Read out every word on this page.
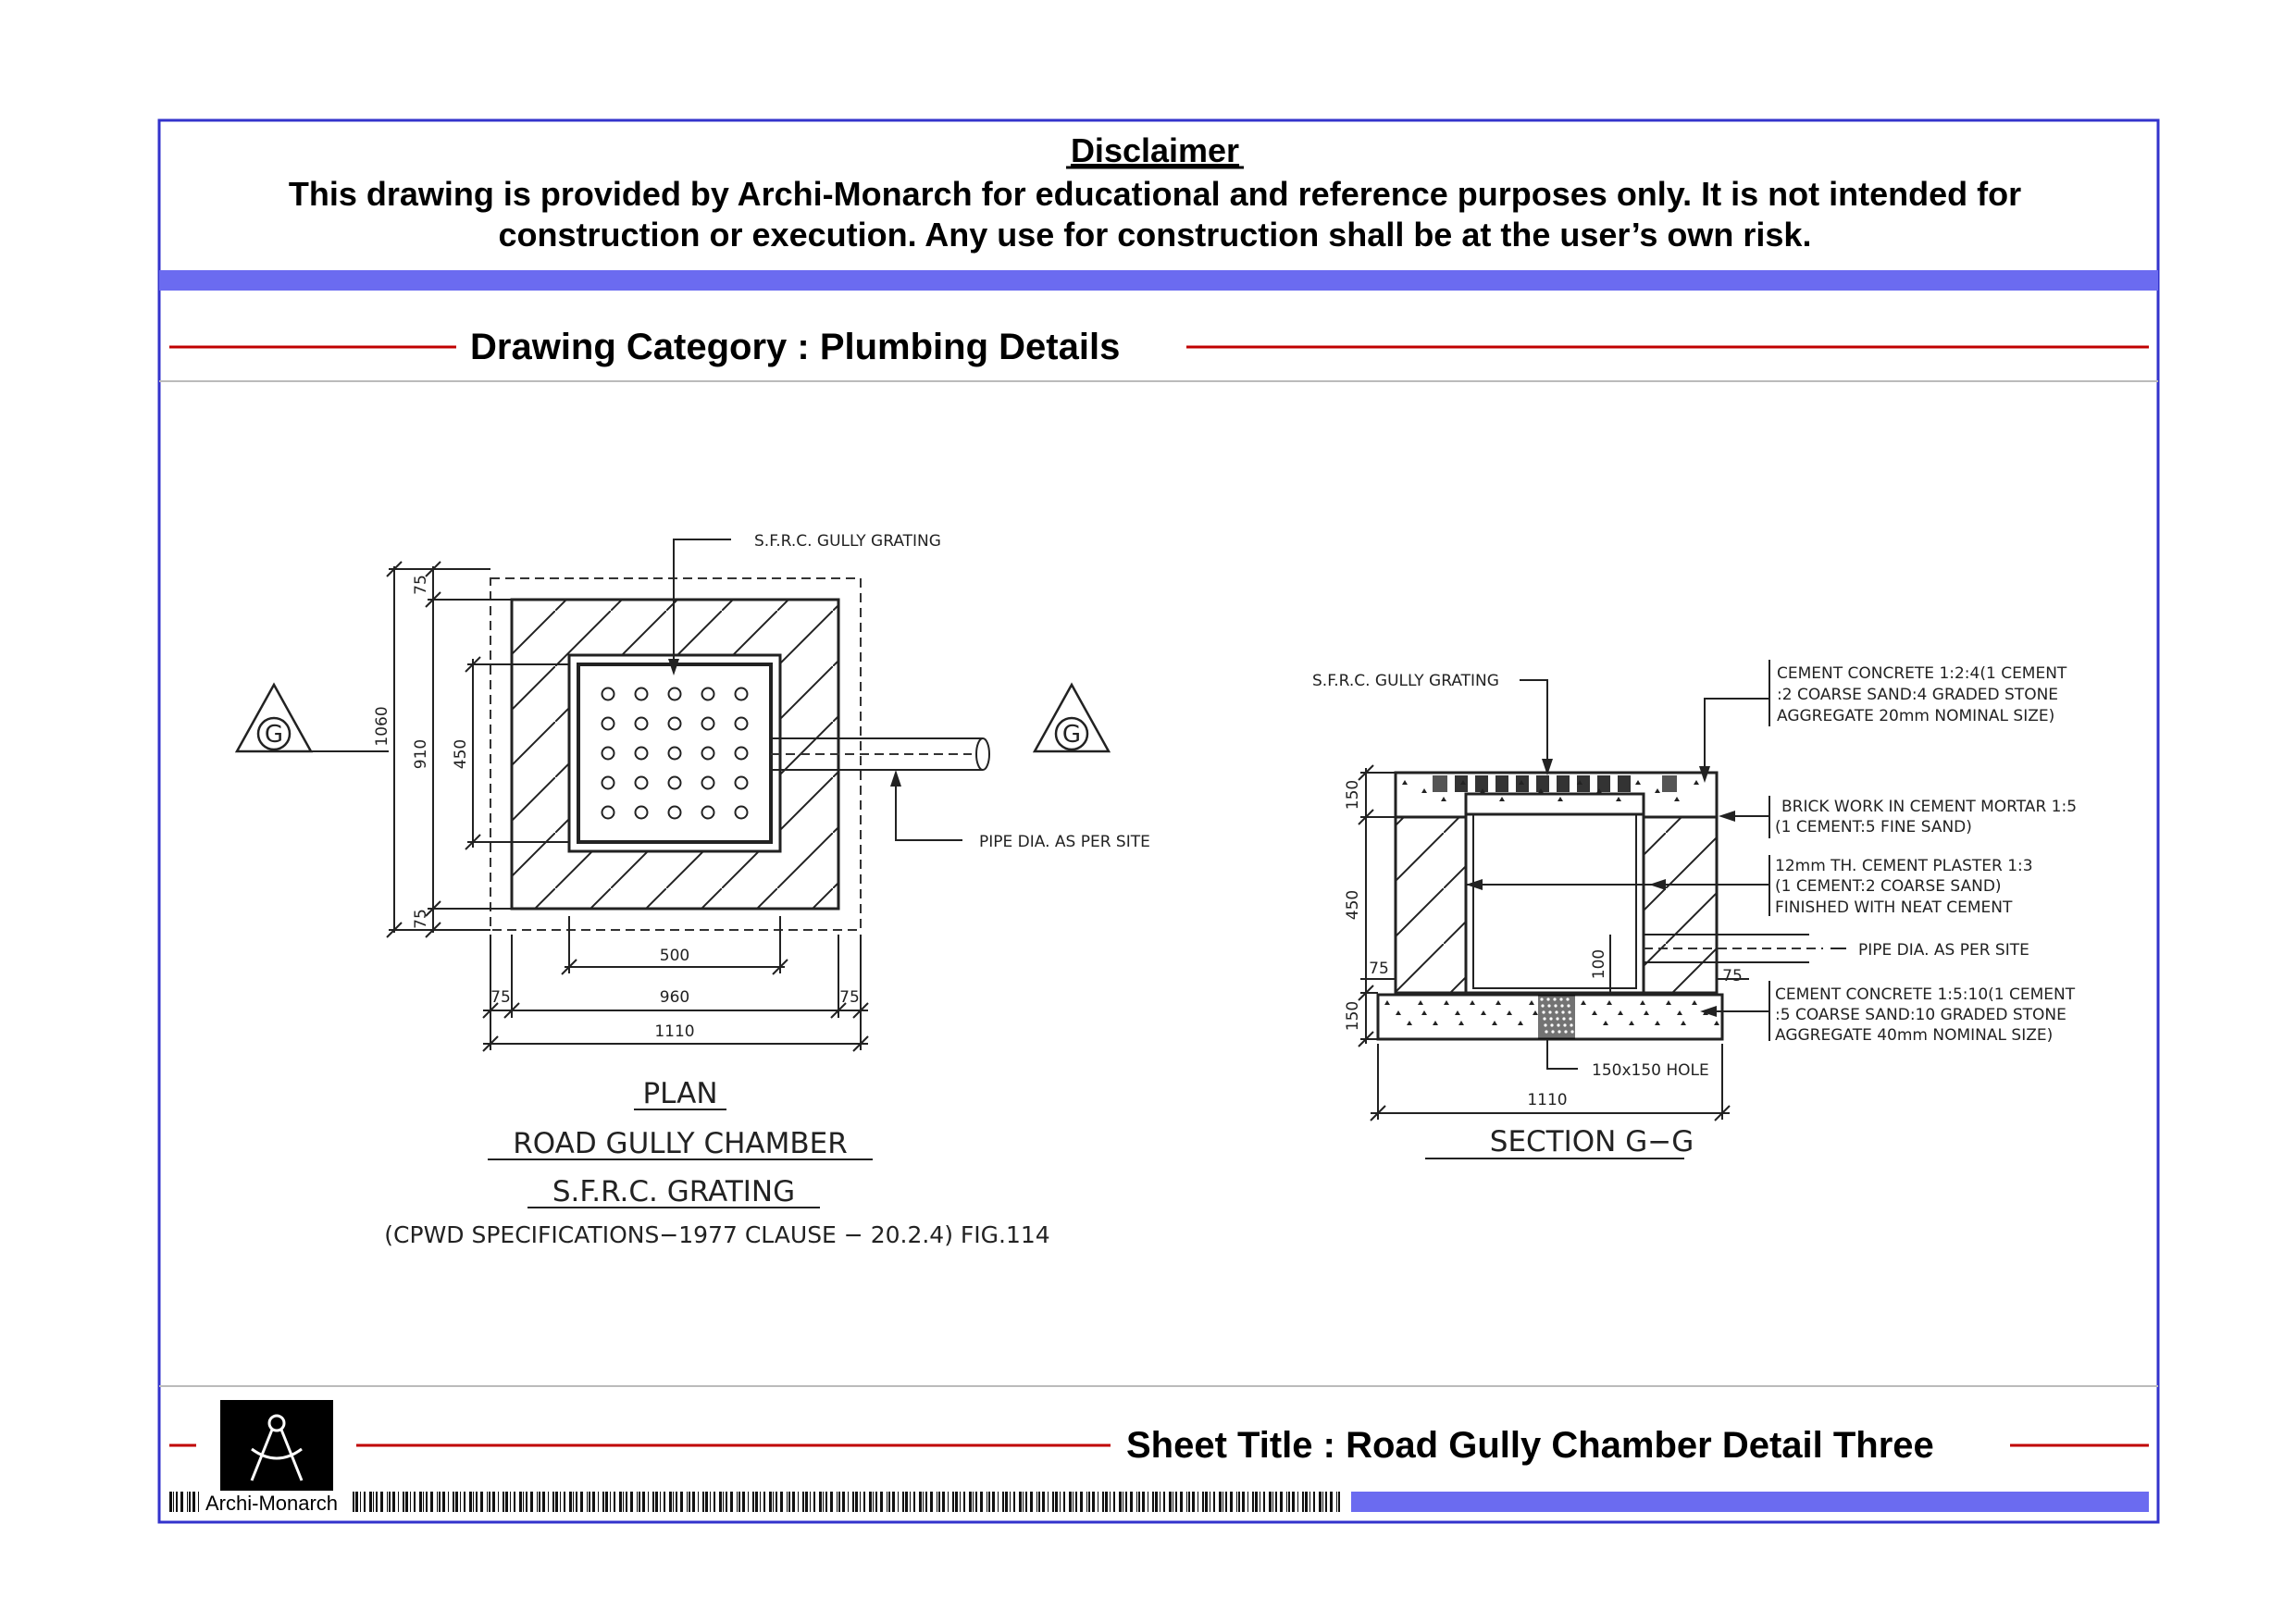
Disclaimer
This drawing is provided by Archi-Monarch for educational and reference purposes only. It is not intended for
construction or execution. Any use for construction shall be at the user’s own risk.
Drawing Category : Plumbing Details
S.F.R.C. GULLY GRATING
PIPE DIA. AS PER SITE
G	G
1060
910 450
75
75
500
75	960	75
1110
PLAN
ROAD GULLY CHAMBER
S.F.R.C. GRATING
(CPWD SPECIFICATIONS−1977 CLAUSE − 20.2.4) FIG.114
S.F.R.C. GULLY GRATING	CEMENT CONCRETE 1:2:4(1 CEMENT
:2 COARSE SAND:4 GRADED STONE
AGGREGATE 20mm NOMINAL SIZE)
BRICK WORK IN CEMENT MORTAR 1:5
(1 CEMENT:5 FINE SAND)
12mm TH. CEMENT PLASTER 1:3
(1 CEMENT:2 COARSE SAND)
FINISHED WITH NEAT CEMENT
PIPE DIA. AS PER SITE
CEMENT CONCRETE 1:5:10(1 CEMENT
:5 COARSE SAND:10 GRADED STONE
AGGREGATE 40mm NOMINAL SIZE)
150x150 HOLE
150
450
150
75	75
100
1110
SECTION G−G
Sheet Title : Road Gully Chamber Detail Three
Archi-Monarch
